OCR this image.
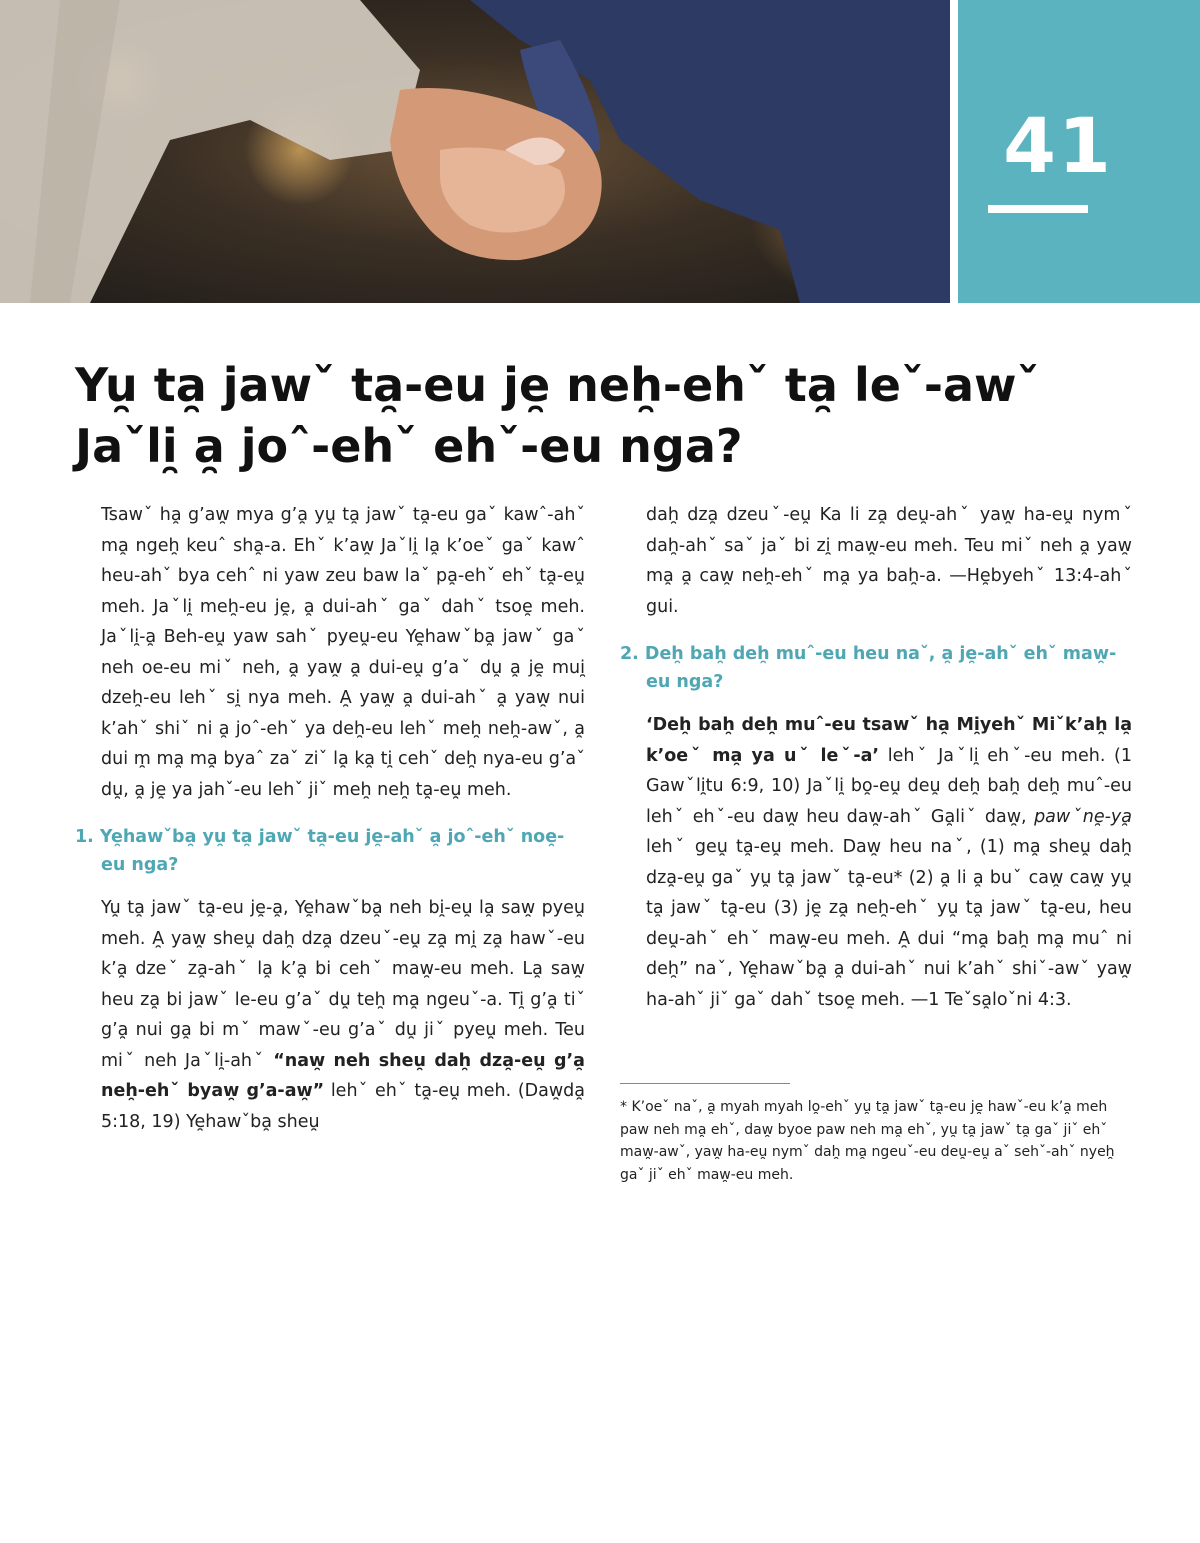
41
Yu̯ ta̯ jawˇ ta̯-eu je̯ neh̯-ehˇ ta̯ leˇ-awˇ Jaˇli̯ a̯ joˆ-ehˇ ehˇ-eu nga?

Tsawˇ ha̯ g’aw̯ mya g’a̯ yu̯ ta̯ jawˇ ta̯-eu gaˇ kawˆ-ahˇ ma̯ ngeh̯ keuˆ sha̯-a. Ehˇ k’aw̯ Jaˇli̯ la̯ k’oeˇ gaˇ kawˆ heu-ahˇ bya cehˆ ni yaw zeu baw laˇ pa̯-ehˇ ehˇ ta̯-eu̯ meh. Jaˇli̯ meh̯-eu je̯, a̯ dui-ahˇ gaˇ dahˇ tsoe̯ meh. Jaˇli̯-a̯ Beh-eu̯ yaw sahˇ pyeu̯-eu Ye̯hawˇba̯ jawˇ gaˇ neh oe-eu miˇ neh, a̯ yaw̯ a̯ dui-eu̯ g’aˇ du̯ a̯ je̯ mui̯ dzeh̯-eu lehˇ si̯ nya meh. A̯ yaw̯ a̯ dui-ahˇ a̯ yaw̯ nui k’ahˇ shiˇ ni a̯ joˆ-ehˇ ya deh̯-eu lehˇ meh̯ neh̯-awˇ, a̯ dui m̯ ma̯ ma̯ byaˆ zaˇ ziˇ la̯ ka̯ ti̯ cehˇ deh̯ nya-eu g’aˇ du̯, a̯ je̯ ya jahˇ-eu lehˇ jiˇ meh̯ neh̯ ta̯-eu̯ meh.

1. Ye̯hawˇba̯ yu̯ ta̯ jawˇ ta̯-eu je̯-ahˇ a̯ joˆ-ehˇ noe̯-eu nga?

Yu̯ ta̯ jawˇ ta̯-eu je̯-a̯, Ye̯hawˇba̯ neh bi̯-eu̯ la̯ saw̯ pyeu̯ meh. A̯ yaw̯ sheu̯ dah̯ dza̯ dzeuˇ-eu̯ za̯ mi̯ za̯ hawˇ-eu k’a̯ dzeˇ za̯-ahˇ la̯ k’a̯ bi cehˇ maw̯-eu meh. La̯ saw̯ heu za̯ bi jawˇ le-eu g’aˇ du̯ teh̯ ma̯ ngeuˇ-a. Ti̯ g’a̯ tiˇ g’a̯ nui ga̯ bi mˇ mawˇ-eu g’aˇ du̯ jiˇ pyeu̯ meh. Teu miˇ neh Jaˇli̯-ahˇ “naw̯ neh sheu̯ dah̯ dza̯-eu̯ g’a̯ neh̯-ehˇ byaw̯ g’a-aw̯” lehˇ ehˇ ta̯-eu̯ meh. (Daw̯da̯ 5:18, 19) Ye̯hawˇba̯ sheu̯

dah̯ dza̯ dzeuˇ-eu̯ Ka li za̯ deu̯-ahˇ yaw̯ ha-eu̯ nymˇ dah̯-ahˇ saˇ jaˇ bi zi̯ maw̯-eu meh. Teu miˇ neh a̯ yaw̯ ma̯ a̯ caw̯ neh̯-ehˇ ma̯ ya bah̯-a. —He̯byehˇ 13:4-ahˇ gui.

2. Deh̯ bah̯ deh̯ muˆ-eu heu naˇ, a̯ je̯-ahˇ ehˇ maw̯-eu nga?

‘Deh̯ bah̯ deh̯ muˆ-eu tsawˇ ha̯ Mi̯yehˇ Miˇk’ah̯ la̯ k’oeˇ ma̯ ya uˇ leˇ-a’ lehˇ Jaˇli̯ ehˇ-eu meh. (1 Gawˇli̯tu 6:9, 10) Jaˇli̯ bo̯-eu̯ deu̯ deh̯ bah̯ deh̯ muˆ-eu lehˇ ehˇ-eu daw̯ heu daw̯-ahˇ Ga̯liˇ daw̯, pawˇne̯-ya̯ lehˇ geu̯ ta̯-eu̯ meh. Daw̯ heu naˇ, (1) ma̯ sheu̯ dah̯ dza̯-eu̯ gaˇ yu̯ ta̯ jawˇ ta̯-eu* (2) a̯ li a̯ buˇ caw̯ caw̯ yu̯ ta̯ jawˇ ta̯-eu (3) je̯ za̯ neh̯-ehˇ yu̯ ta̯ jawˇ ta̯-eu, heu deu̯-ahˇ ehˇ maw̯-eu meh. A̯ dui “ma̯ bah̯ ma̯ muˆ ni deh̯” naˇ, Ye̯hawˇba̯ a̯ dui-ahˇ nui k’ahˇ shiˇ-awˇ yaw̯ ha-ahˇ jiˇ gaˇ dahˇ tsoe̯ meh. —1 Teˇsa̯loˇni 4:3.

* K’oeˇ naˇ, a̯ myah myah lo̯-ehˇ yu̯ ta̯ jawˇ ta̯-eu je̯ hawˇ-eu k’a̯ meh paw neh ma̯ ehˇ, daw̯ byoe paw neh ma̯ ehˇ, yu̯ ta̯ jawˇ ta̯ gaˇ jiˇ ehˇ maw̯-awˇ, yaw̯ ha-eu̯ nymˇ dah̯ ma̯ ngeuˇ-eu deu̯-eu̯ aˇ sehˇ-ahˇ nyeh̯ gaˇ jiˇ ehˇ maw̯-eu meh.
